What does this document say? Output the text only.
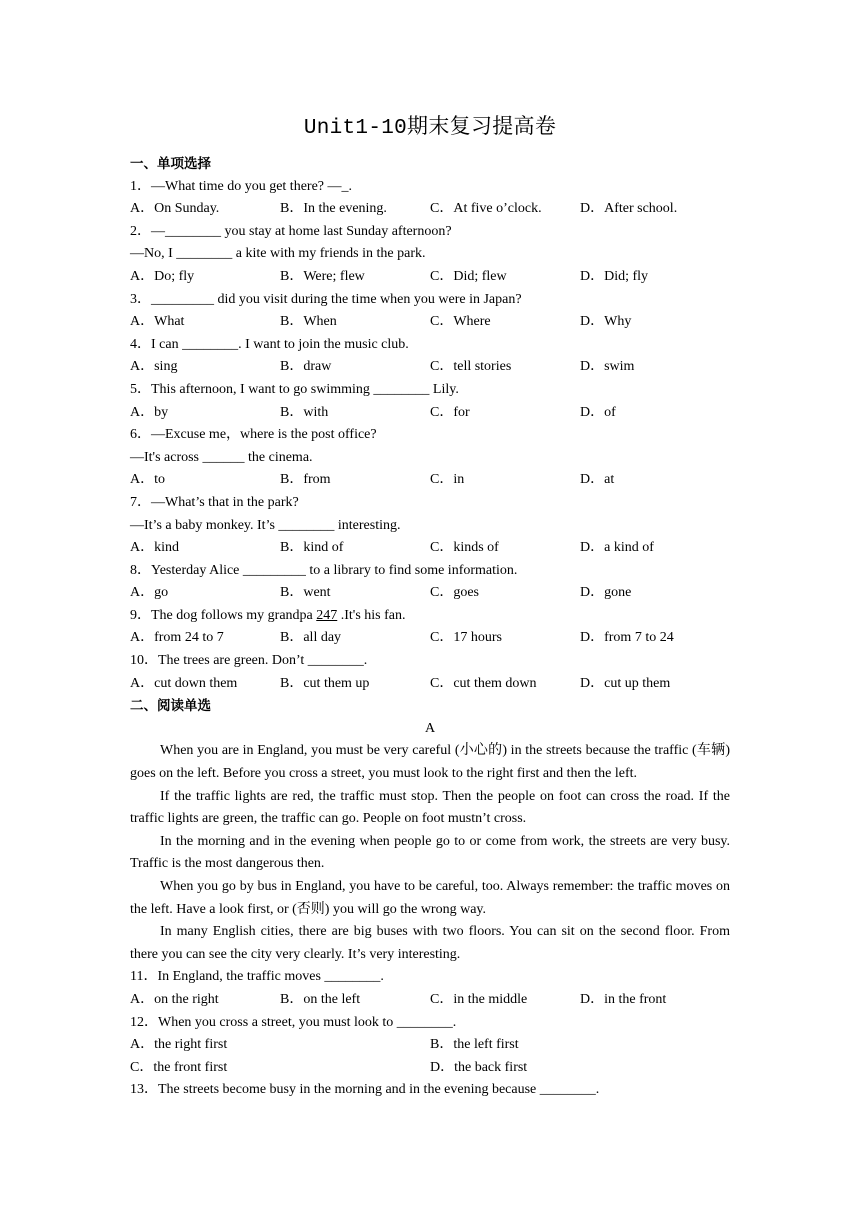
Unit1-10期末复习提高卷
一、单项选择
1．—What time do you get there? —_.
A．On Sunday.	B．In the evening.	C．At five o’clock.	D．After school.
2．—________ you stay at home last Sunday afternoon?
—No, I ________ a kite with my friends in the park.
A．Do; fly	B．Were; flew	C．Did; flew	D．Did; fly
3．_________ did you visit during the time when you were in Japan?
A．What	B．When	C．Where	D．Why
4．I can ________. I want to join the music club.
A．sing	B．draw	C．tell stories	D．swim
5．This afternoon, I want to go swimming ________ Lily.
A．by	B．with	C．for	D．of
6．—Excuse me，where is the post office?
—It's across ______ the cinema.
A．to	B．from	C．in	D．at
7．—What’s that in the park?
—It’s a baby monkey. It’s ________ interesting.
A．kind	B．kind of	C．kinds of	D．a kind of
8．Yesterday Alice _________ to a library to find some information.
A．go	B．went	C．goes	D．gone
9．The dog follows my grandpa 247 .It's his fan.
A．from 24 to 7	B．all day	C．17 hours	D．from 7 to 24
10．The trees are green. Don’t ________.
A．cut down them	B．cut them up	C．cut them down	D．cut up them
二、阅读单选
A
When you are in England, you must be very careful (小心的) in the streets because the traffic (车辆) goes on the left. Before you cross a street, you must look to the right first and then the left.
If the traffic lights are red, the traffic must stop. Then the people on foot can cross the road. If the traffic lights are green, the traffic can go. People on foot mustn’t cross.
In the morning and in the evening when people go to or come from work, the streets are very busy. Traffic is the most dangerous then.
When you go by bus in England, you have to be careful, too. Always remember: the traffic moves on the left. Have a look first, or (否则) you will go the wrong way.
In many English cities, there are big buses with two floors. You can sit on the second floor. From there you can see the city very clearly. It’s very interesting.
11．In England, the traffic moves ________.
A．on the right	B．on the left	C．in the middle	D．in the front
12．When you cross a street, you must look to ________.
A．the right first	B．the left first
C．the front first	D．the back first
13．The streets become busy in the morning and in the evening because ________.
